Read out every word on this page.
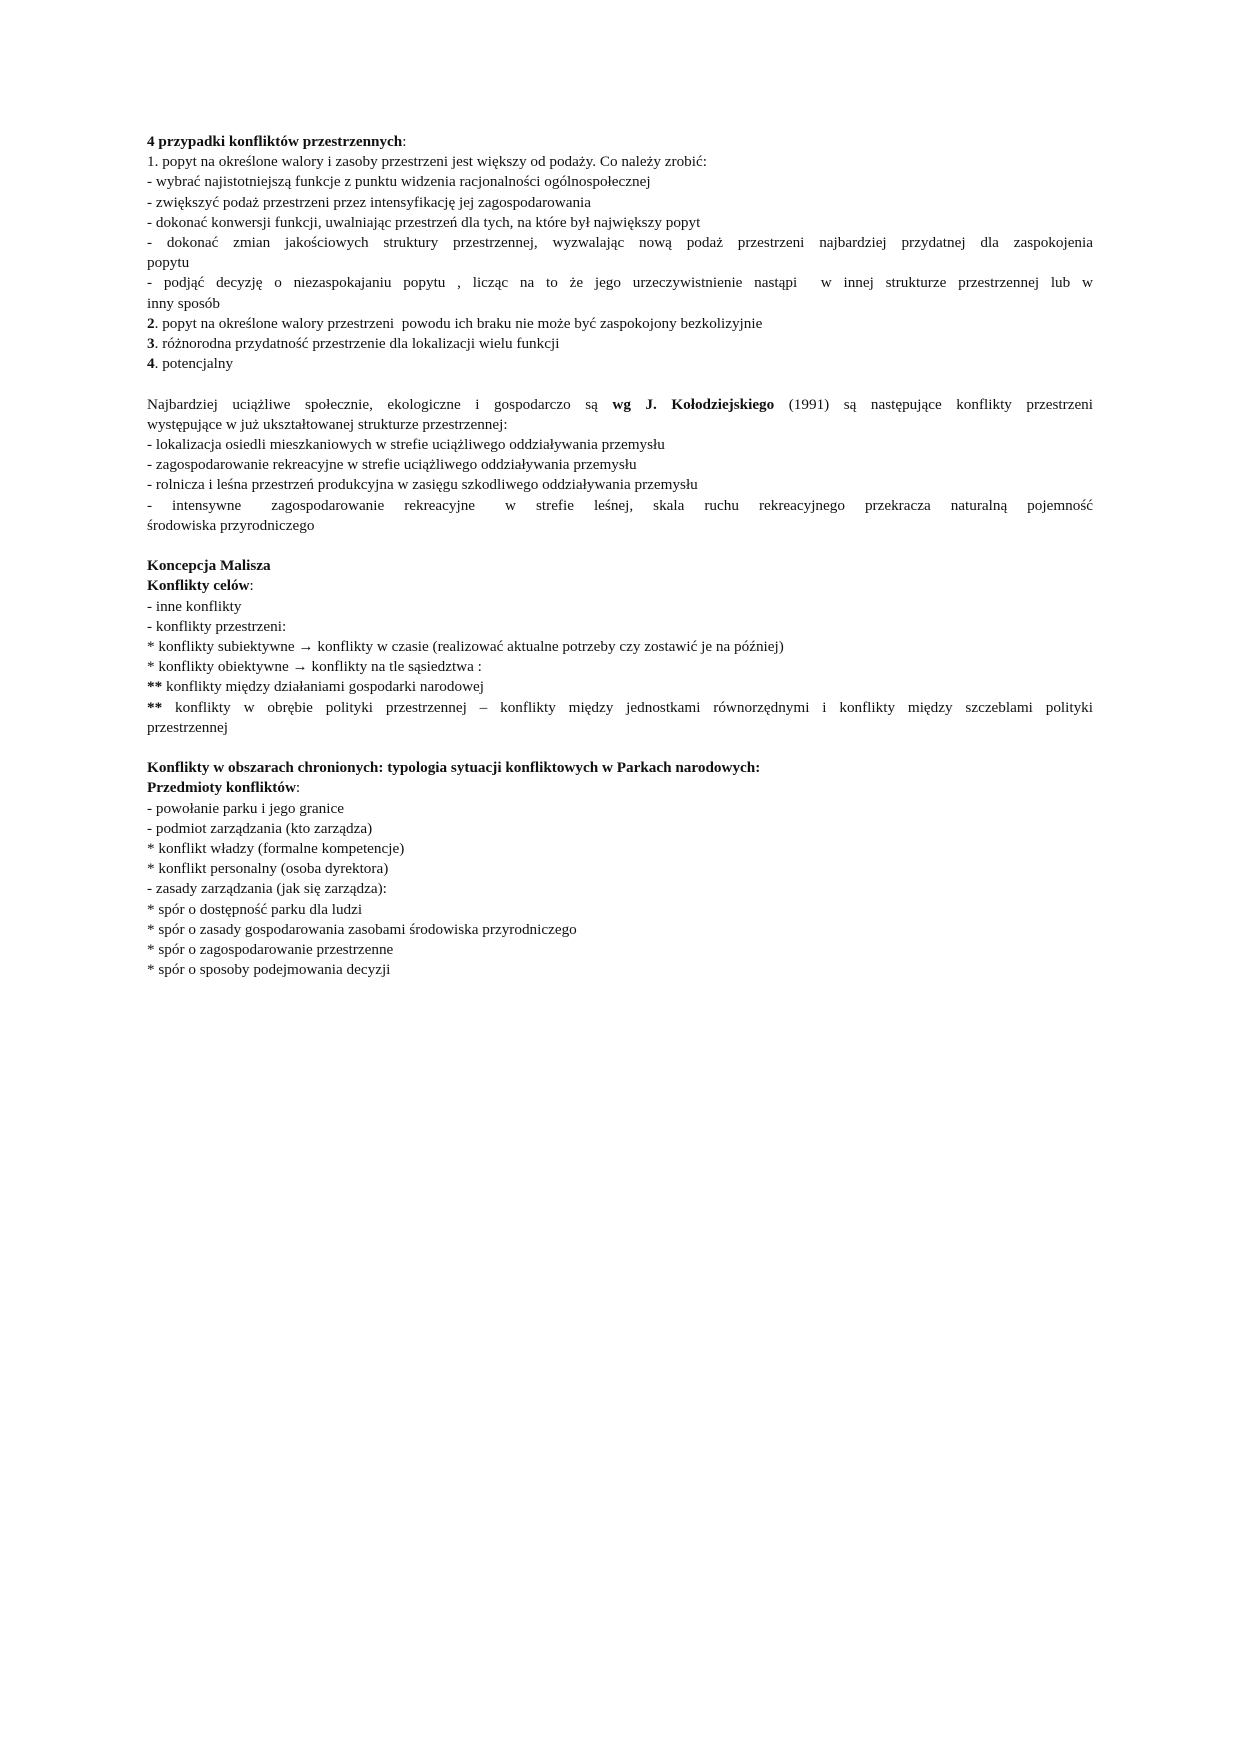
4 przypadki konfliktów przestrzennych:
1. popyt na określone walory i zasoby przestrzeni jest większy od podaży. Co należy zrobić:
- wybrać najistotniejszą funkcje z punktu widzenia racjonalności ogólnospołecznej
- zwiększyć podaż przestrzeni przez intensyfikację jej zagospodarowania
- dokonać konwersji funkcji, uwalniając przestrzeń dla tych, na które był największy popyt
- dokonać zmian jakościowych struktury przestrzennej, wyzwalając nową podaż przestrzeni najbardziej przydatnej dla zaspokojenia
popytu
- podjąć decyzję o niezaspokajaniu popytu , licząc na to że jego urzeczywistnienie nastąpi  w innej strukturze przestrzennej lub w
inny sposób
2. popyt na określone walory przestrzeni  powodu ich braku nie może być zaspokojony bezkolizyjnie
3. różnorodna przydatność przestrzenie dla lokalizacji wielu funkcji
4. potencjalny
Najbardziej uciążliwe społecznie, ekologiczne i gospodarczo są wg J. Kołodziejskiego (1991) są następujące konflikty przestrzeni
występujące w już ukształtowanej strukturze przestrzennej:
- lokalizacja osiedli mieszkaniowych w strefie uciążliwego oddziaływania przemysłu
- zagospodarowanie rekreacyjne w strefie uciążliwego oddziaływania przemysłu
- rolnicza i leśna przestrzeń produkcyjna w zasięgu szkodliwego oddziaływania przemysłu
-  intensywne   zagospodarowanie  rekreacyjne   w  strefie  leśnej,  skala  ruchu  rekreacyjnego  przekracza  naturalną  pojemność
środowiska przyrodniczego
Koncepcja Malisza
Konflikty celów:
- inne konflikty
- konflikty przestrzeni:
* konflikty subiektywne → konflikty w czasie (realizować aktualne potrzeby czy zostawić je na później)
* konflikty obiektywne → konflikty na tle sąsiedztwa :
** konflikty między działaniami gospodarki narodowej
** konflikty w obrębie polityki przestrzennej – konflikty między jednostkami równorzędnymi i konflikty między szczeblami polityki
przestrzennej
Konflikty w obszarach chronionych: typologia sytuacji konfliktowych w Parkach narodowych:
Przedmioty konfliktów:
- powołanie parku i jego granice
- podmiot zarządzania (kto zarządza)
* konflikt władzy (formalne kompetencje)
* konflikt personalny (osoba dyrektora)
- zasady zarządzania (jak się zarządza):
* spór o dostępność parku dla ludzi
* spór o zasady gospodarowania zasobami środowiska przyrodniczego
* spór o zagospodarowanie przestrzenne
* spór o sposoby podejmowania decyzji
